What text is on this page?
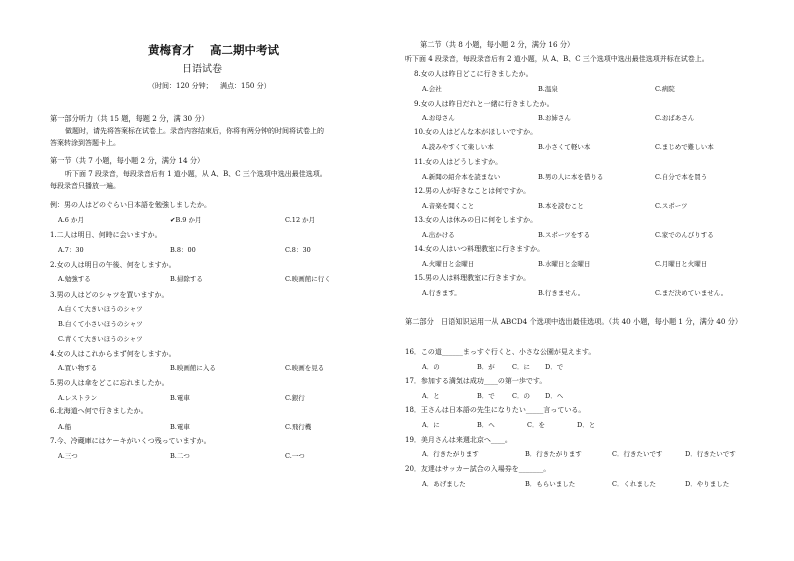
黄梅育才 高二期中考试
日语试卷
（时间：120 分钟； 满点：150 分）
第一部分听力（共 15 题，每题 2 分，满 30 分）
做题时，请先将答案标在试卷上。录音内容结束后，你将有两分钟的时间将试卷上的
答案转涂到答题卡上。
第一节（共 7 小题，每小题 2 分，满分 14 分）
听下面 7 段录音，每段录音后有 1 道小题，从 A、B、C 三个选项中选出最佳选项。
每段录音只播放一遍。
例：男の人はどのぐらい日本語を勉強しましたか。
A.6 か月	✔B.9 か月	C.12 か月
1.二人は明日、何時に会いますか。
A.7：30	B.8：00	C.8：30
2.女の人は明日の午後、何をしますか。
A.勉強する	B.掃除する	C.映画館に行く
3.男の人はどのシャツを買いますか。
A.白くて大きいほうのシャツ
B.白くて小さいほうのシャツ
C.青くて大きいほうのシャツ
4.女の人はこれからまず何をしますか。
A.買い物する	B.映画館に入る	C.映画を見る
5.男の人は傘をどこに忘れましたか。
A.レストラン	B.電車	C.銀行
6.北海道へ何で行きましたか。
A.船	B.電車	C.飛行機
7.今、冷蔵庫にはケーキがいくつ残っていますか。
A.三つ	B.二つ	C.一つ
第二节（共 8 小题，每小题 2 分，满分 16 分）
听下面 4 段录音，每段录音后有 2 道小题，从 A、B、C 三个选项中选出最佳选项并标在试卷上。
8.女の人は昨日どこに行きましたか。
A.会社	B.温泉	C.病院
9.女の人は昨日だれと一緒に行きましたか。
A.お母さん	B.お姉さん	C.おばあさん
10.女の人はどんな本がほしいですか。
A.読みやすくて楽しい本	B.小さくて軽い本	C.まじめで難しい本
11.女の人はどうしますか。
A.新聞の紹介本を読まない	B.男の人に本を借りる	C.自分で本を買う
12.男の人が好きなことは何ですか。
A.音楽を聞くこと	B.本を読むこと	C.スポーツ
13.女の人は休みの日に何をしますか。
A.出かける	B.スポーツをする	C.家でのんびりする
14.女の人はいつ料理教室に行きますか。
A.火曜日と金曜日	B.水曜日と金曜日	C.月曜日と火曜日
15.男の人は料理教室に行きますか。
A.行きます。	B.行きません。	C.まだ決めていません。
第二部分　日语知识运用一从 ABCD4 个选项中选出最佳选项。（共 40 小题，每小题 1 分，满分 40 分）
16．この道______まっすぐ行くと、小さな公園が見えます。
A．の	B．が	C．に D．で
17．参加する満気は成功____の第一歩です。
A．と	B．で	C．の D．へ
18．王さんは日本語の先生になりたい_____言っている。
A．に	B．へ	C．を	D．と
19．美月さんは来週北京へ____。
A．行きたがります	B．行きたがります	C．行きたいです	D．行きたいです
20．友達はサッカー試合の入場券を_______。
A．あげました	B．もらいました	C．くれました	D．やりました
